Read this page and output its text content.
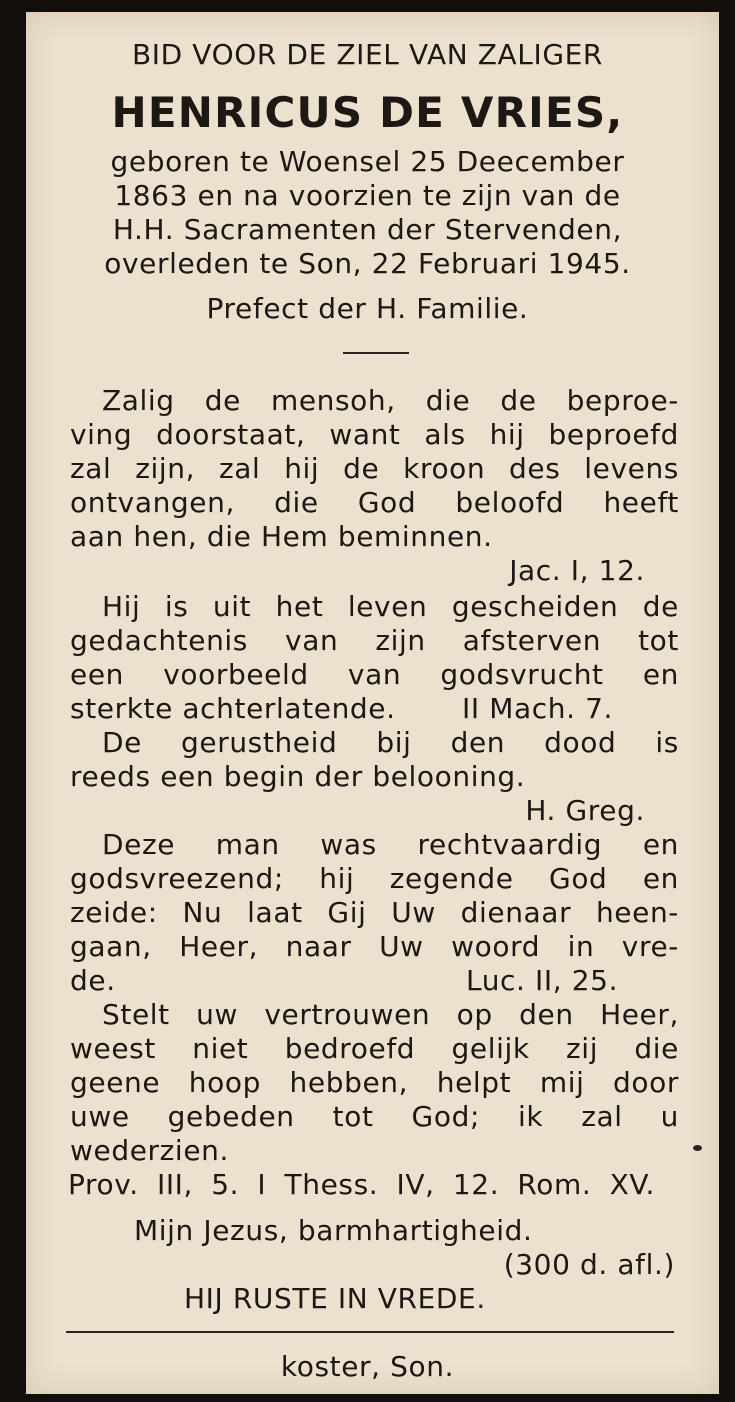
BID VOOR DE ZIEL VAN ZALIGER

HENRICUS DE VRIES,

geboren te Woensel 25 Deecember

1863 en na voorzien te zijn van de

H.H. Sacramenten der Stervenden,

overleden te Son, 22 Februari 1945.

Prefect der H. Familie.

Zalig de mensoh, die de beproe-

ving doorstaat, want als hij beproefd

zal zijn, zal hij de kroon des levens

ontvangen, die God beloofd heeft

aan hen, die Hem beminnen.

Jac. I, 12.

Hij is uit het leven gescheiden de

gedachtenis van zijn afsterven tot

een voorbeeld van godsvrucht en

sterkte achterlatende.	II Mach. 7.

De gerustheid bij den dood is

reeds een begin der belooning.

H. Greg.

Deze man was rechtvaardig en

godsvreezend; hij zegende God en

zeide: Nu laat Gij Uw dienaar heen-

gaan, Heer, naar Uw woord in vre-

de.	Luc. II, 25.

Stelt uw vertrouwen op den Heer,

weest niet bedroefd gelijk zij die

geene hoop hebben, helpt mij door

uwe gebeden tot God; ik zal u

wederzien.

Prov. III, 5. I Thess. IV, 12. Rom. XV.

Mijn Jezus, barmhartigheid.

(300 d. afl.)

HIJ RUSTE IN VREDE.

koster, Son.
